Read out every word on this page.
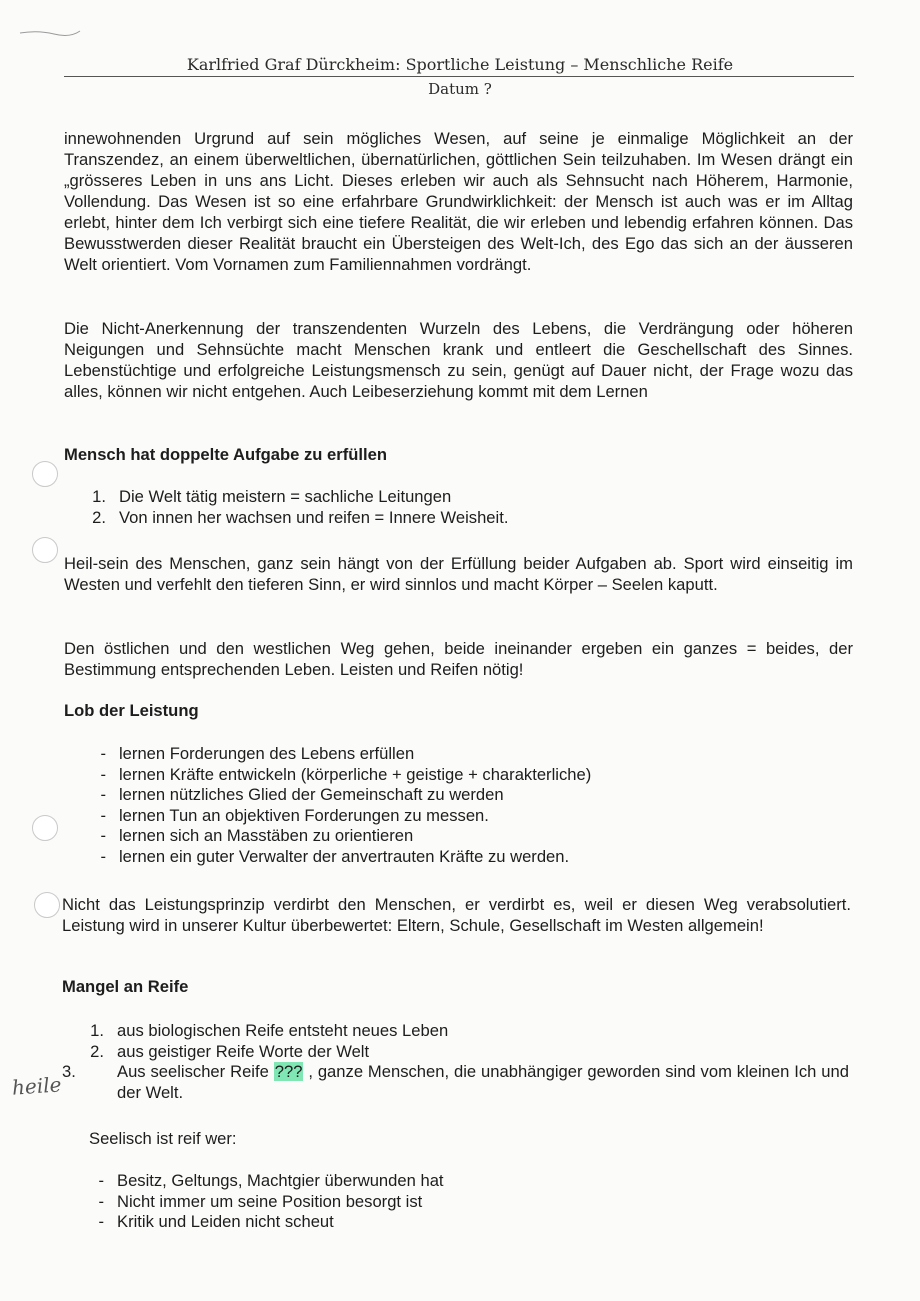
Karlfried Graf Dürckheim: Sportliche Leistung – Menschliche Reife
Datum ?

innewohnenden Urgrund auf sein mögliches Wesen, auf seine je einmalige Möglichkeit an der Transzendez, an einem überweltlichen, übernatürlichen, göttlichen Sein teilzuhaben. Im Wesen drängt ein „grösseres Leben in uns ans Licht. Dieses erleben wir auch als Sehnsucht nach Höherem, Harmonie, Vollendung. Das Wesen ist so eine erfahrbare Grundwirklichkeit: der Mensch ist auch was er im Alltag erlebt, hinter dem Ich verbirgt sich eine tiefere Realität, die wir erleben und lebendig erfahren können. Das Bewusstwerden dieser Realität braucht ein Übersteigen des Welt-Ich, des Ego das sich an der äusseren Welt orientiert. Vom Vornamen zum Familiennahmen vordrängt.

Die Nicht-Anerkennung der transzendenten Wurzeln des Lebens, die Verdrängung oder höheren Neigungen und Sehnsüchte macht Menschen krank und entleert die Geschellschaft des Sinnes. Lebenstüchtige und erfolgreiche Leistungsmensch zu sein, genügt auf Dauer nicht, der Frage wozu das alles, können wir nicht entgehen. Auch Leibeserziehung kommt mit dem Lernen

Mensch hat doppelte Aufgabe zu erfüllen
1. Die Welt tätig meistern = sachliche Leitungen
2. Von innen her wachsen und reifen = Innere Weisheit.

Heil-sein des Menschen, ganz sein hängt von der Erfüllung beider Aufgaben ab. Sport wird einseitig im Westen und verfehlt den tieferen Sinn, er wird sinnlos und macht Körper – Seelen kaputt.

Den östlichen und den westlichen Weg gehen, beide ineinander ergeben ein ganzes = beides, der Bestimmung entsprechenden Leben. Leisten und Reifen nötig!

Lob der Leistung
- lernen Forderungen des Lebens erfüllen
- lernen Kräfte entwickeln (körperliche + geistige + charakterliche)
- lernen nützliches Glied der Gemeinschaft zu werden
- lernen Tun an objektiven Forderungen zu messen.
- lernen sich an Masstäben zu orientieren
- lernen ein guter Verwalter der anvertrauten Kräfte zu werden.

Nicht das Leistungsprinzip verdirbt den Menschen, er verdirbt es, weil er diesen Weg verabsolutiert. Leistung wird in unserer Kultur überbewertet: Eltern, Schule, Gesellschaft im Westen allgemein!

Mangel an Reife
1. aus biologischen Reife entsteht neues Leben
2. aus geistiger Reife Worte der Welt
3.	Aus seelischer Reife ??? , ganze Menschen, die unabhängiger geworden sind vom kleinen Ich und der Welt.
heile

Seelisch ist reif wer:

- Besitz, Geltungs, Machtgier überwunden hat
- Nicht immer um seine Position besorgt ist
- Kritik und Leiden nicht scheut
